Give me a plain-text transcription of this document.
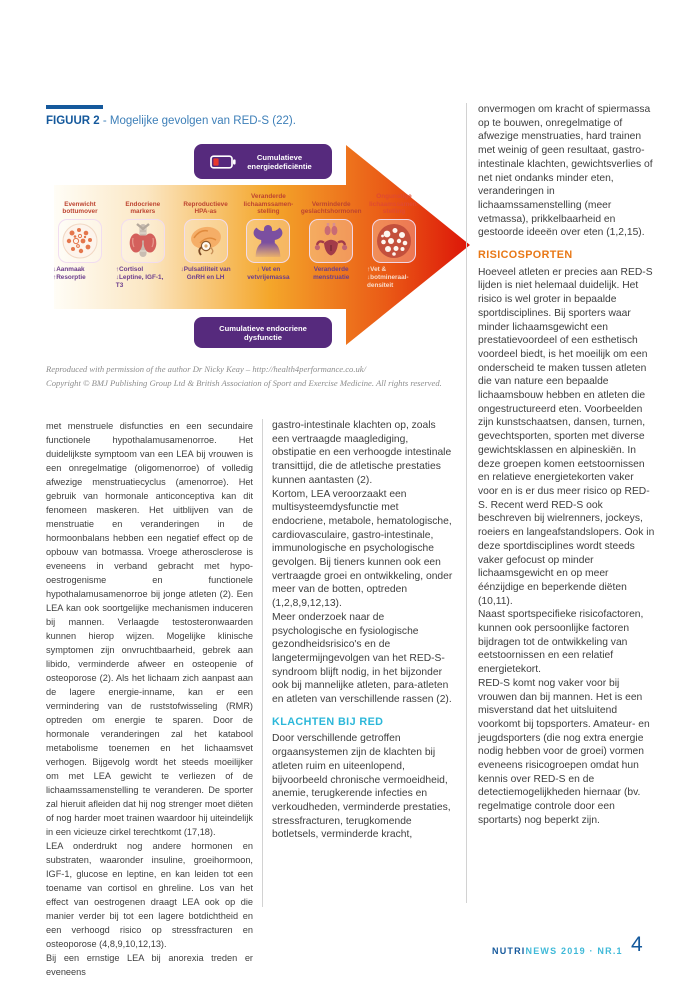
FIGUUR 2 - Mogelijke gevolgen van RED-S (22).
Cumulatieve energiedeficiëntie
Evenwicht bottumover
↓Aanmaak ↑Resorptie
Endocriene markers
↑Cortisol ↓Leptine, IGF-1, T3
Reproductieve HPA-as
↓Pulsatiliteit van GnRH en LH
Veranderde lichaamssamen-stelling
↓ Vet en vetvrijemassa
Verminderde geslachtshormonen
Veranderde menstruatie
Ongunstige lichaamssamen-stelling
↑Vet & ↓botmineraal-densiteit
Cumulatieve endocriene dysfunctie
Reproduced with permission of the author Dr Nicky Keay – http://health4performance.co.uk/
Copyright © BMJ Publishing Group Ltd & British Association of Sport and Exercise Medicine. All rights reserved.

met menstruele disfuncties en een secundaire functionele hypothalamusamenorroe. Het duidelijkste symptoom van een LEA bij vrouwen is een onregelmatige (oligomenorroe) of volledig afwezige menstruatiecyclus (amenorroe). Het gebruik van hormonale anticonceptiva kan dit fenomeen maskeren. Het uitblijven van de menstruatie en veranderingen in de hormoonbalans hebben een negatief effect op de opbouw van botmassa. Vroege atherosclerose is eveneens in verband gebracht met hypo-oestrogenisme en functionele hypothalamusamenorroe bij jonge atleten (2). Een LEA kan ook soortgelijke mechanismen induceren bij mannen. Verlaagde testosteronwaarden kunnen hierop wijzen. Mogelijke klinische symptomen zijn onvruchtbaarheid, gebrek aan libido, verminderde afweer en osteopenie of osteoporose (2). Als het lichaam zich aanpast aan de lagere energie-inname, kan er een vermindering van de ruststofwisseling (RMR) optreden om energie te sparen. Door de hormonale veranderingen zal het katabool metabolisme toenemen en het lichaamsvet verhogen. Bijgevolg wordt het steeds moeilijker om met LEA gewicht te verliezen of de lichaamssamenstelling te veranderen. De sporter zal hieruit afleiden dat hij nog strenger moet diëten of nog harder moet trainen waardoor hij uiteindelijk in een vicieuze cirkel terechtkomt (17,18).

LEA onderdrukt nog andere hormonen en substraten, waaronder insuline, groeihormoon, IGF-1, glucose en leptine, en kan leiden tot een toename van cortisol en ghreline. Los van het effect van oestrogenen draagt LEA ook op die manier verder bij tot een lagere botdichtheid en een verhoogd risico op stressfracturen en osteoporose (4,8,9,10,12,13).

Bij een ernstige LEA bij anorexia treden er eveneens

gastro-intestinale klachten op, zoals een vertraagde maaglediging, obstipatie en een verhoogde intestinale transittijd, die de atletische prestaties kunnen aantasten (2).

Kortom, LEA veroorzaakt een multisysteemdysfunctie met endocriene, metabole, hematologische, cardiovasculaire, gastro-intestinale, immunologische en psychologische gevolgen. Bij tieners kunnen ook een vertraagde groei en ontwikkeling, onder meer van de botten, optreden (1,2,8,9,12,13).

Meer onderzoek naar de psychologische en fysiologische gezondheidsrisico's en de langetermijngevolgen van het RED-S-syndroom blijft nodig, in het bijzonder ook bij mannelijke atleten, para-atleten en atleten van verschillende rassen (2).

KLACHTEN BIJ RED

Door verschillende getroffen orgaansystemen zijn de klachten bij atleten ruim en uiteenlopend, bijvoorbeeld chronische vermoeidheid, anemie, terugkerende infecties en verkoudheden, verminderde prestaties, stressfracturen, terugkomende botletsels, verminderde kracht,

onvermogen om kracht of spiermassa op te bouwen, onregelmatige of afwezige menstruaties, hard trainen met weinig of geen resultaat, gastro-intestinale klachten, gewichtsverlies of net niet ondanks minder eten, veranderingen in lichaamssamenstelling (meer vetmassa), prikkelbaarheid en gestoorde ideeën over eten (1,2,15).

RISICOSPORTEN

Hoeveel atleten er precies aan RED-S lijden is niet helemaal duidelijk. Het risico is wel groter in bepaalde sportdisciplines. Bij sporters waar minder lichaamsgewicht een prestatievoordeel of een esthetisch voordeel biedt, is het moeilijk om een onderscheid te maken tussen atleten die van nature een bepaalde lichaamsbouw hebben en atleten die ongestructureerd eten. Voorbeelden zijn kunstschaatsen, dansen, turnen, gevechtsporten, sporten met diverse gewichtsklassen en alpineskiën. In deze groepen komen eetstoornissen en relatieve energietekorten vaker voor en is er dus meer risico op RED-S. Recent werd RED-S ook beschreven bij wielrenners, jockeys, roeiers en langeafstandslopers. Ook in deze sportdisciplines wordt steeds vaker gefocust op minder lichaamsgewicht en op meer éénzijdige en beperkende diëten (10,11).

Naast sportspecifieke risicofactoren, kunnen ook persoonlijke factoren bijdragen tot de ontwikkeling van eetstoornissen en een relatief energietekort.

RED-S komt nog vaker voor bij vrouwen dan bij mannen. Het is een misverstand dat het uitsluitend voorkomt bij topsporters. Amateur- en jeugdsporters (die nog extra energie nodig hebben voor de groei) vormen eveneens risicogroepen omdat hun kennis over RED-S en de detectiemogelijkheden hiernaar (bv. regelmatige controle door een sportarts) nog beperkt zijn.

NUTRINEWS 2019 · NR.1 4
